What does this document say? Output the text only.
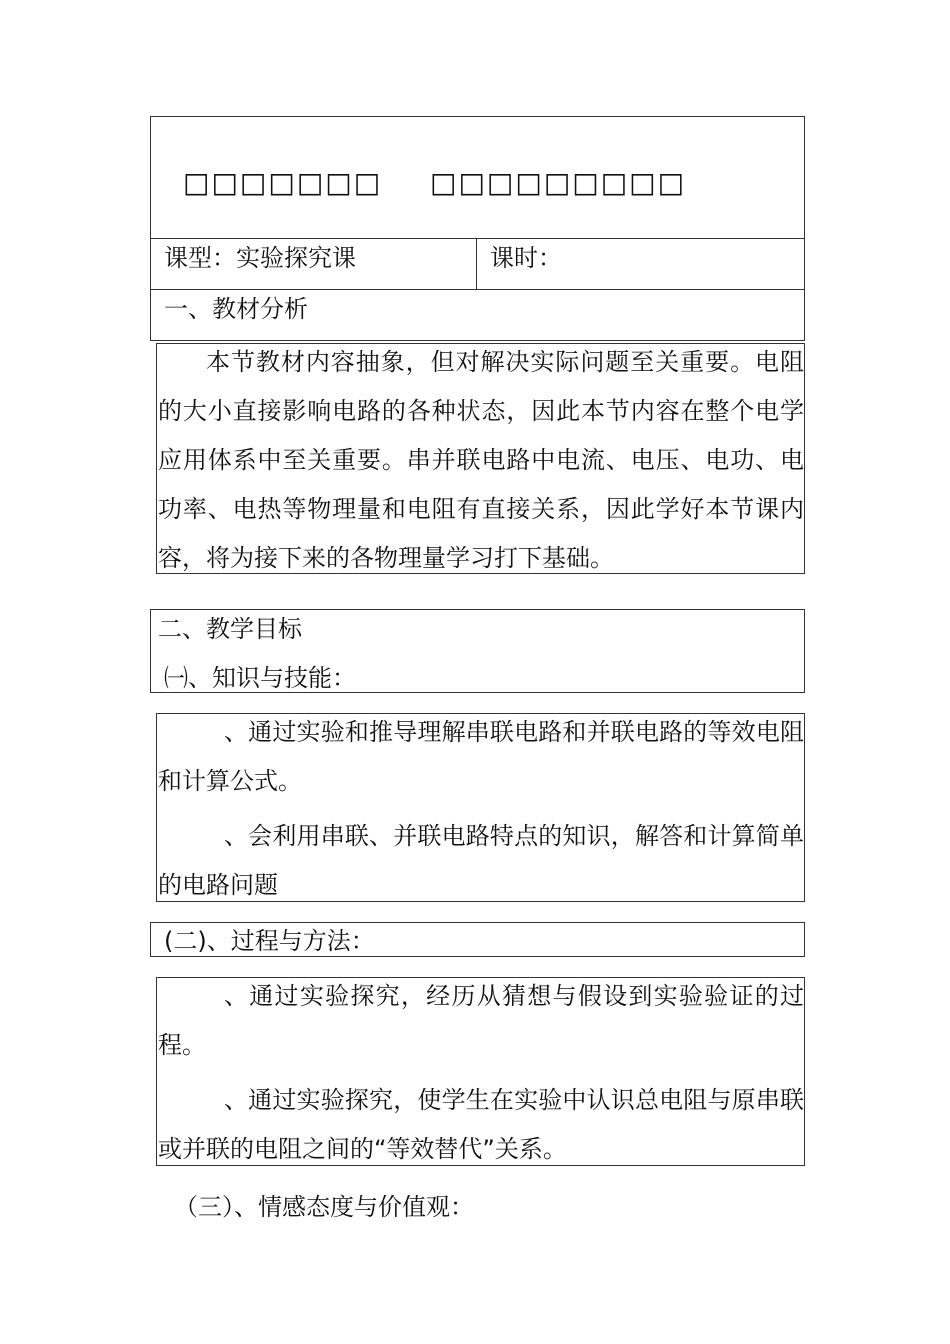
□□□□□□□ □□□□□□□□□
课型：实验探究课	课时：
一、教材分析
本节教材内容抽象，但对解决实际问题至关重要。电阻的大小直接影响电路的各种状态，因此本节内容在整个电学应用体系中至关重要。串并联电路中电流、电压、电功、电功率、电热等物理量和电阻有直接关系，因此学好本节课内容，将为接下来的各物理量学习打下基础。
二、教学目标
㈠、知识与技能：
、通过实验和推导理解串联电路和并联电路的等效电阻和计算公式。
、会利用串联、并联电路特点的知识，解答和计算简单的电路问题
(二)、过程与方法：
、通过实验探究，经历从猜想与假设到实验验证的过程。
、通过实验探究，使学生在实验中认识总电阻与原串联或并联的电阻之间的“等效替代”关系。
（三）、情感态度与价值观：
